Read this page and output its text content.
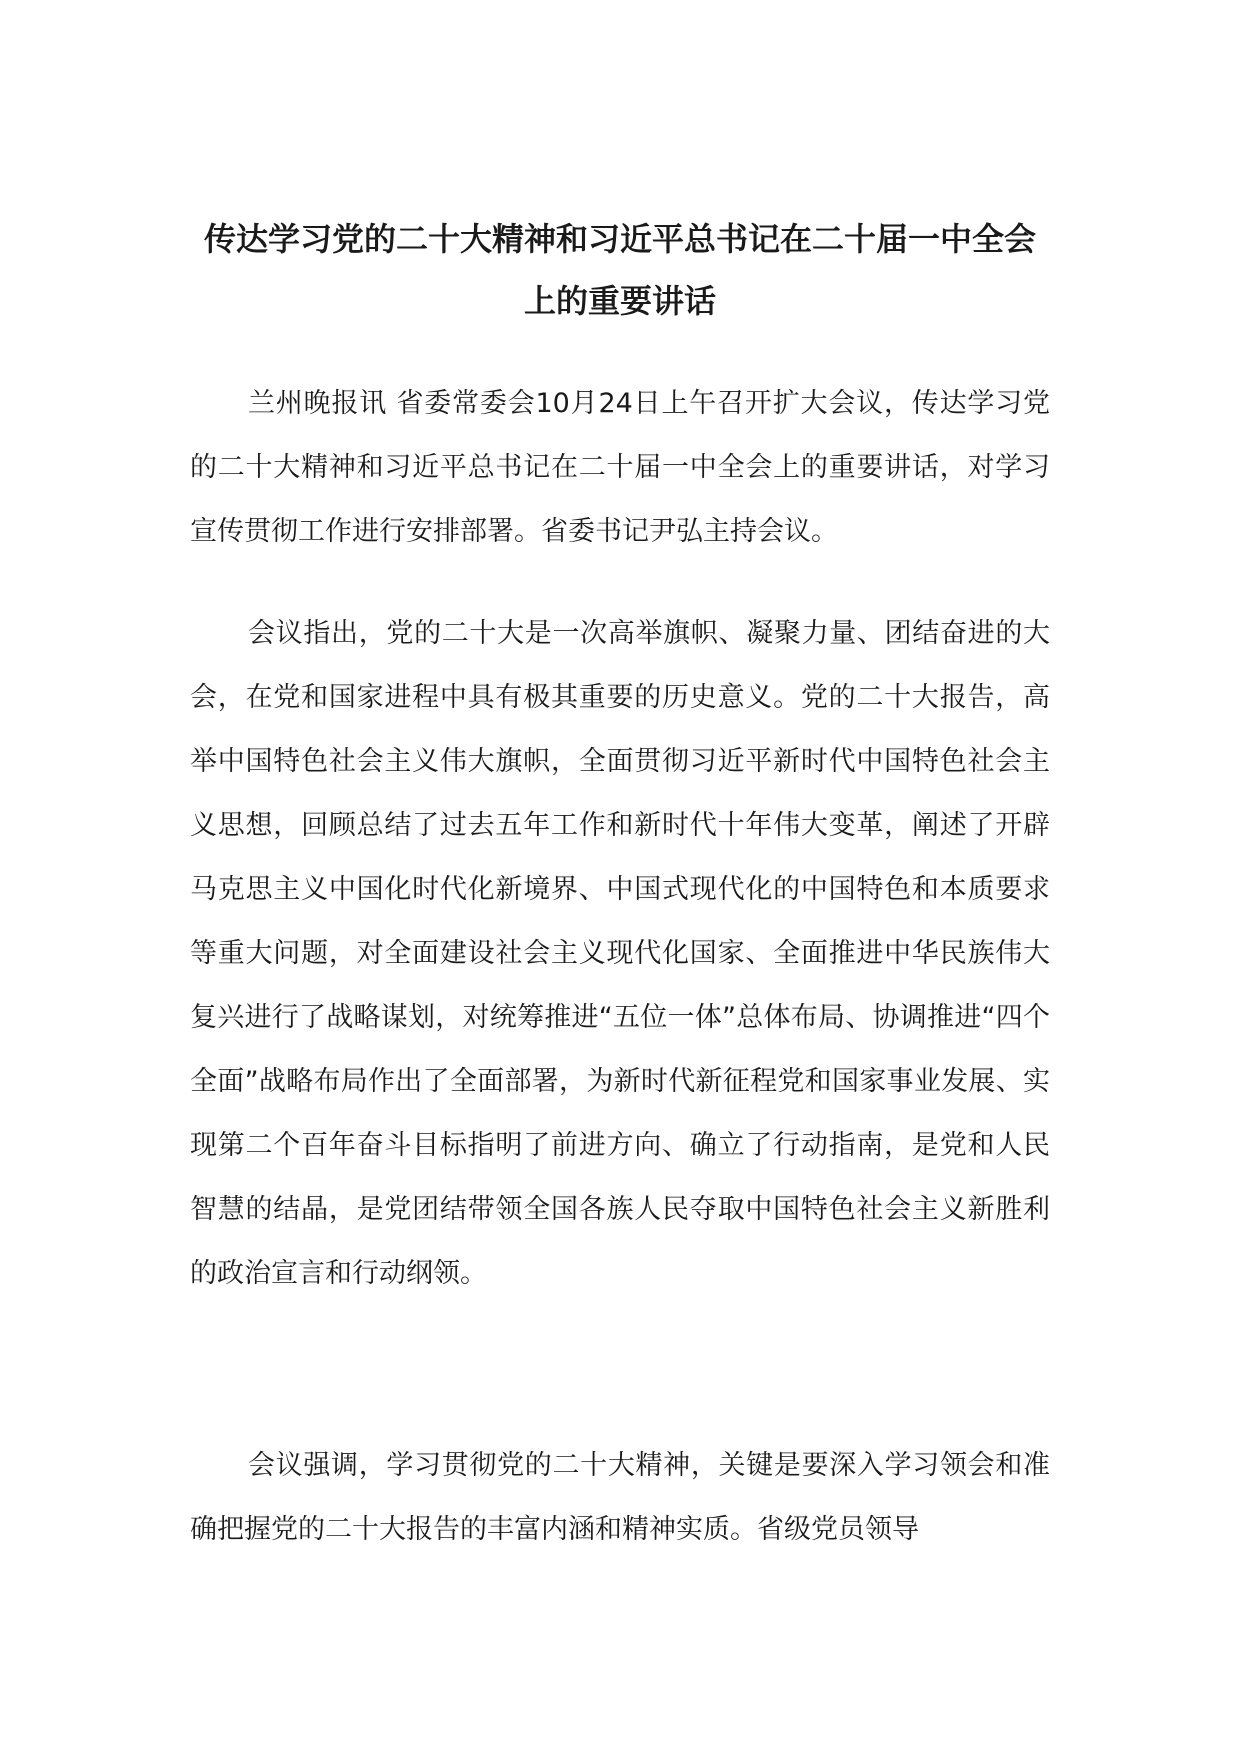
传达学习党的二十大精神和习近平总书记在二十届一中全会上的重要讲话

兰州晚报讯 省委常委会10月24日上午召开扩大会议，传达学习党的二十大精神和习近平总书记在二十届一中全会上的重要讲话，对学习宣传贯彻工作进行安排部署。省委书记尹弘主持会议。

会议指出，党的二十大是一次高举旗帜、凝聚力量、团结奋进的大会，在党和国家进程中具有极其重要的历史意义。党的二十大报告，高举中国特色社会主义伟大旗帜，全面贯彻习近平新时代中国特色社会主义思想，回顾总结了过去五年工作和新时代十年伟大变革，阐述了开辟马克思主义中国化时代化新境界、中国式现代化的中国特色和本质要求等重大问题，对全面建设社会主义现代化国家、全面推进中华民族伟大复兴进行了战略谋划，对统筹推进“五位一体”总体布局、协调推进“四个全面”战略布局作出了全面部署，为新时代新征程党和国家事业发展、实现第二个百年奋斗目标指明了前进方向、确立了行动指南，是党和人民智慧的结晶，是党团结带领全国各族人民夺取中国特色社会主义新胜利的政治宣言和行动纲领。

会议强调，学习贯彻党的二十大精神，关键是要深入学习领会和准确把握党的二十大报告的丰富内涵和精神实质。省级党员领导
